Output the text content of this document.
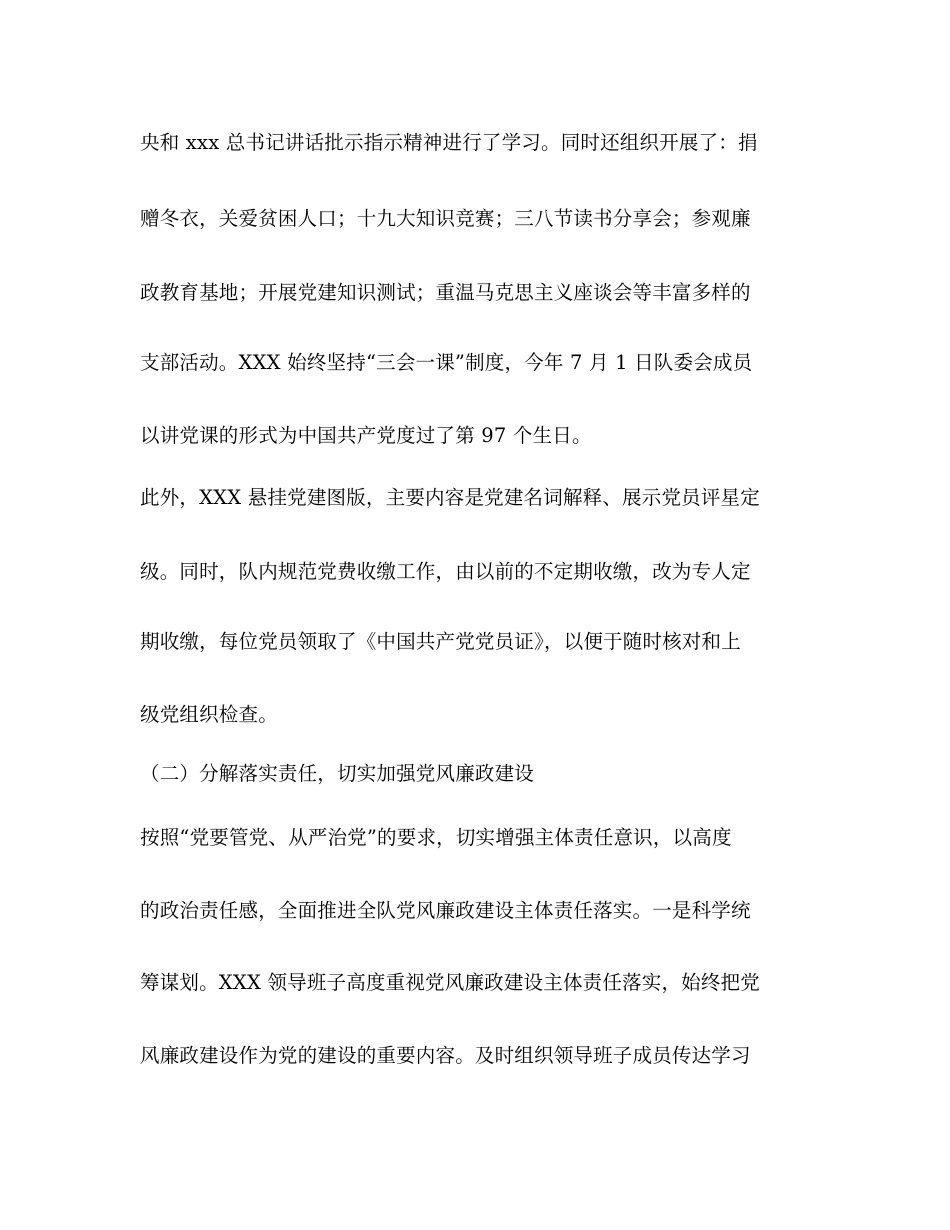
央和 xxx 总书记讲话批示指示精神进行了学习。同时还组织开展了：捐
赠冬衣，关爱贫困人口；十九大知识竞赛；三八节读书分享会；参观廉
政教育基地；开展党建知识测试；重温马克思主义座谈会等丰富多样的
支部活动。XXX 始终坚持“三会一课”制度，今年 7 月 1 日队委会成员
以讲党课的形式为中国共产党度过了第 97 个生日。
此外，XXX 悬挂党建图版，主要内容是党建名词解释、展示党员评星定
级。同时，队内规范党费收缴工作，由以前的不定期收缴，改为专人定
期收缴，每位党员领取了《中国共产党党员证》，以便于随时核对和上
级党组织检查。
（二）分解落实责任，切实加强党风廉政建设
按照“党要管党、从严治党”的要求，切实增强主体责任意识，以高度
的政治责任感，全面推进全队党风廉政建设主体责任落实。一是科学统
筹谋划。XXX 领导班子高度重视党风廉政建设主体责任落实，始终把党
风廉政建设作为党的建设的重要内容。及时组织领导班子成员传达学习
